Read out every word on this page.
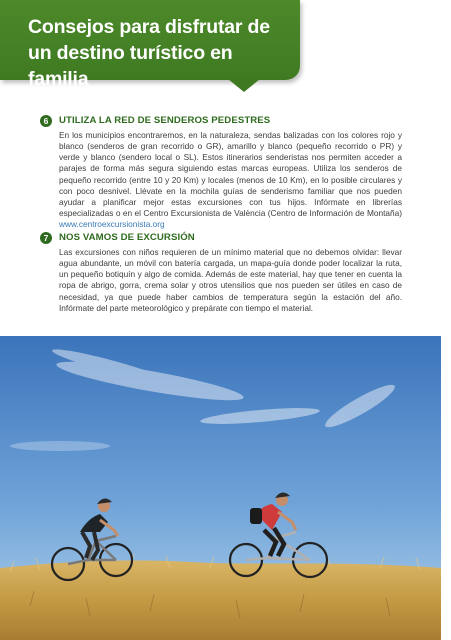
Consejos para disfrutar de un destino turístico en familia
6	UTILIZA LA RED DE SENDEROS PEDESTRES
En los municipios encontraremos, en la naturaleza, sendas balizadas con los colores rojo y blanco (senderos de gran recorrido o GR), amarillo y blanco (pequeño recorrido o PR) y verde y blanco (sendero local o SL). Estos itinerarios senderistas nos permiten acceder a parajes de forma más segura siguiendo estas marcas europeas. Utiliza los senderos de pequeño recorrido (entre 10 y 20 Km) y locales (menos de 10 Km), en lo posible circulares y con poco desnivel. Llévate en la mochila guías de senderismo familiar que nos pueden ayudar a planificar mejor estas excursiones con tus hijos. Infórmate en librerías especializadas o en el Centro Excursionista de València (Centro de Información de Montaña) www.centroexcursionista.org
7	NOS VAMOS DE EXCURSIÓN
Las excursiones con niños requieren de un mínimo material que no debemos olvidar: llevar agua abundante, un móvil con batería cargada, un mapa-guía donde poder localizar la ruta, un pequeño botiquín y algo de comida. Además de este material, hay que tener en cuenta la ropa de abrigo, gorra, crema solar y otros utensilios que nos pueden ser útiles en caso de necesidad, ya que puede haber cambios de temperatura según la estación del año. Infórmate del parte meteorológico y prepárate con tiempo el material.
